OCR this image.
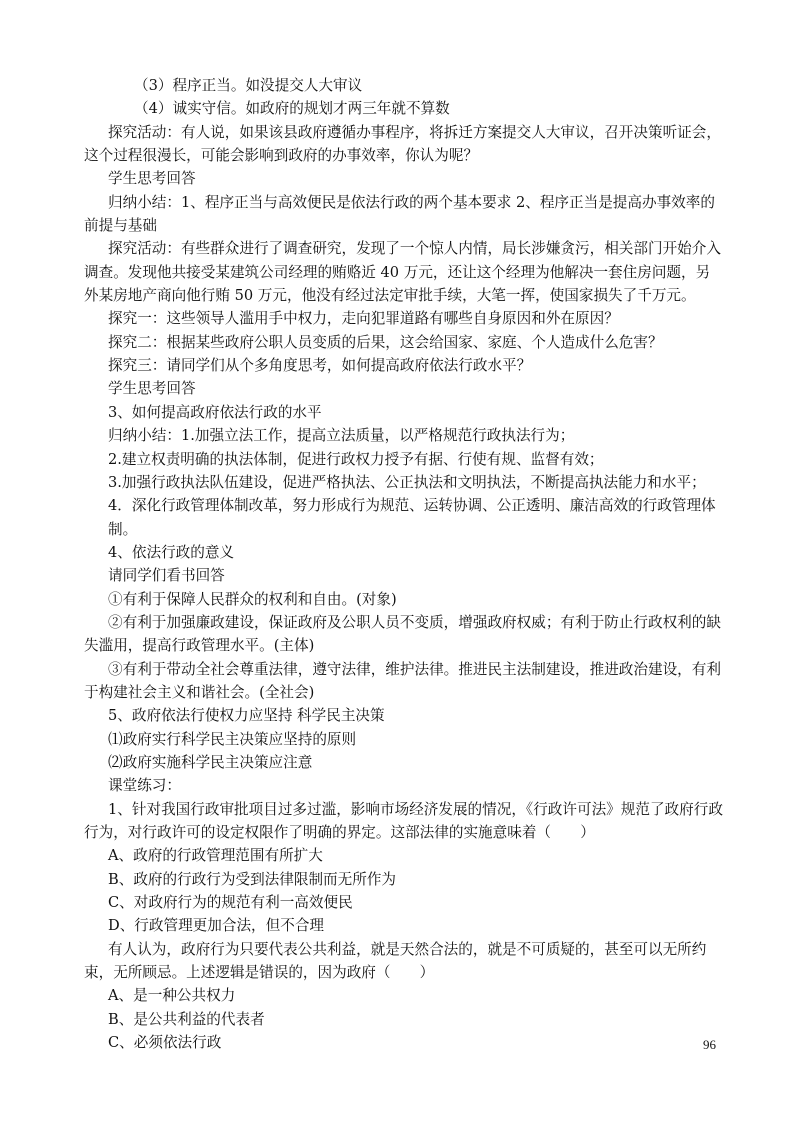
（3）程序正当。如没提交人大审议

（4）诚实守信。如政府的规划才两三年就不算数

探究活动：有人说，如果该县政府遵循办事程序，将拆迁方案提交人大审议，召开决策听证会，这个过程很漫长，可能会影响到政府的办事效率，你认为呢？

学生思考回答

归纳小结：1、程序正当与高效便民是依法行政的两个基本要求 2、程序正当是提高办事效率的前提与基础

探究活动：有些群众进行了调查研究，发现了一个惊人内情，局长涉嫌贪污，相关部门开始介入调查。发现他共接受某建筑公司经理的贿赂近 40 万元，还让这个经理为他解决一套住房问题，另外某房地产商向他行贿 50 万元，他没有经过法定审批手续，大笔一挥，使国家损失了千万元。

探究一：这些领导人滥用手中权力，走向犯罪道路有哪些自身原因和外在原因？

探究二：根据某些政府公职人员变质的后果，这会给国家、家庭、个人造成什么危害？

探究三：请同学们从个多角度思考，如何提高政府依法行政水平？

学生思考回答

3、如何提高政府依法行政的水平

归纳小结：1.加强立法工作，提高立法质量，以严格规范行政执法行为；

2.建立权责明确的执法体制，促进行政权力授予有据、行使有规、监督有效；

3.加强行政执法队伍建设，促进严格执法、公正执法和文明执法，不断提高执法能力和水平；

4．深化行政管理体制改革，努力形成行为规范、运转协调、公正透明、廉洁高效的行政管理体制。

4、依法行政的意义

请同学们看书回答

①有利于保障人民群众的权利和自由。(对象)

②有利于加强廉政建设，保证政府及公职人员不变质，增强政府权威；有利于防止行政权利的缺失滥用，提高行政管理水平。(主体)

③有利于带动全社会尊重法律，遵守法律，维护法律。推进民主法制建设，推进政治建设，有利于构建社会主义和谐社会。(全社会)

5、政府依法行使权力应坚持 科学民主决策

⑴政府实行科学民主决策应坚持的原则

⑵政府实施科学民主决策应注意

课堂练习：

1、针对我国行政审批项目过多过滥，影响市场经济发展的情况，《行政许可法》规范了政府行政行为，对行政许可的设定权限作了明确的界定。这部法律的实施意味着（　　）

A、政府的行政管理范围有所扩大

B、政府的行政行为受到法律限制而无所作为

C、对政府行为的规范有利一高效便民

D、行政管理更加合法，但不合理

有人认为，政府行为只要代表公共利益，就是天然合法的，就是不可质疑的，甚至可以无所约束，无所顾忌。上述逻辑是错误的，因为政府（　　）

A、是一种公共权力

B、是公共利益的代表者

C、必须依法行政	96
